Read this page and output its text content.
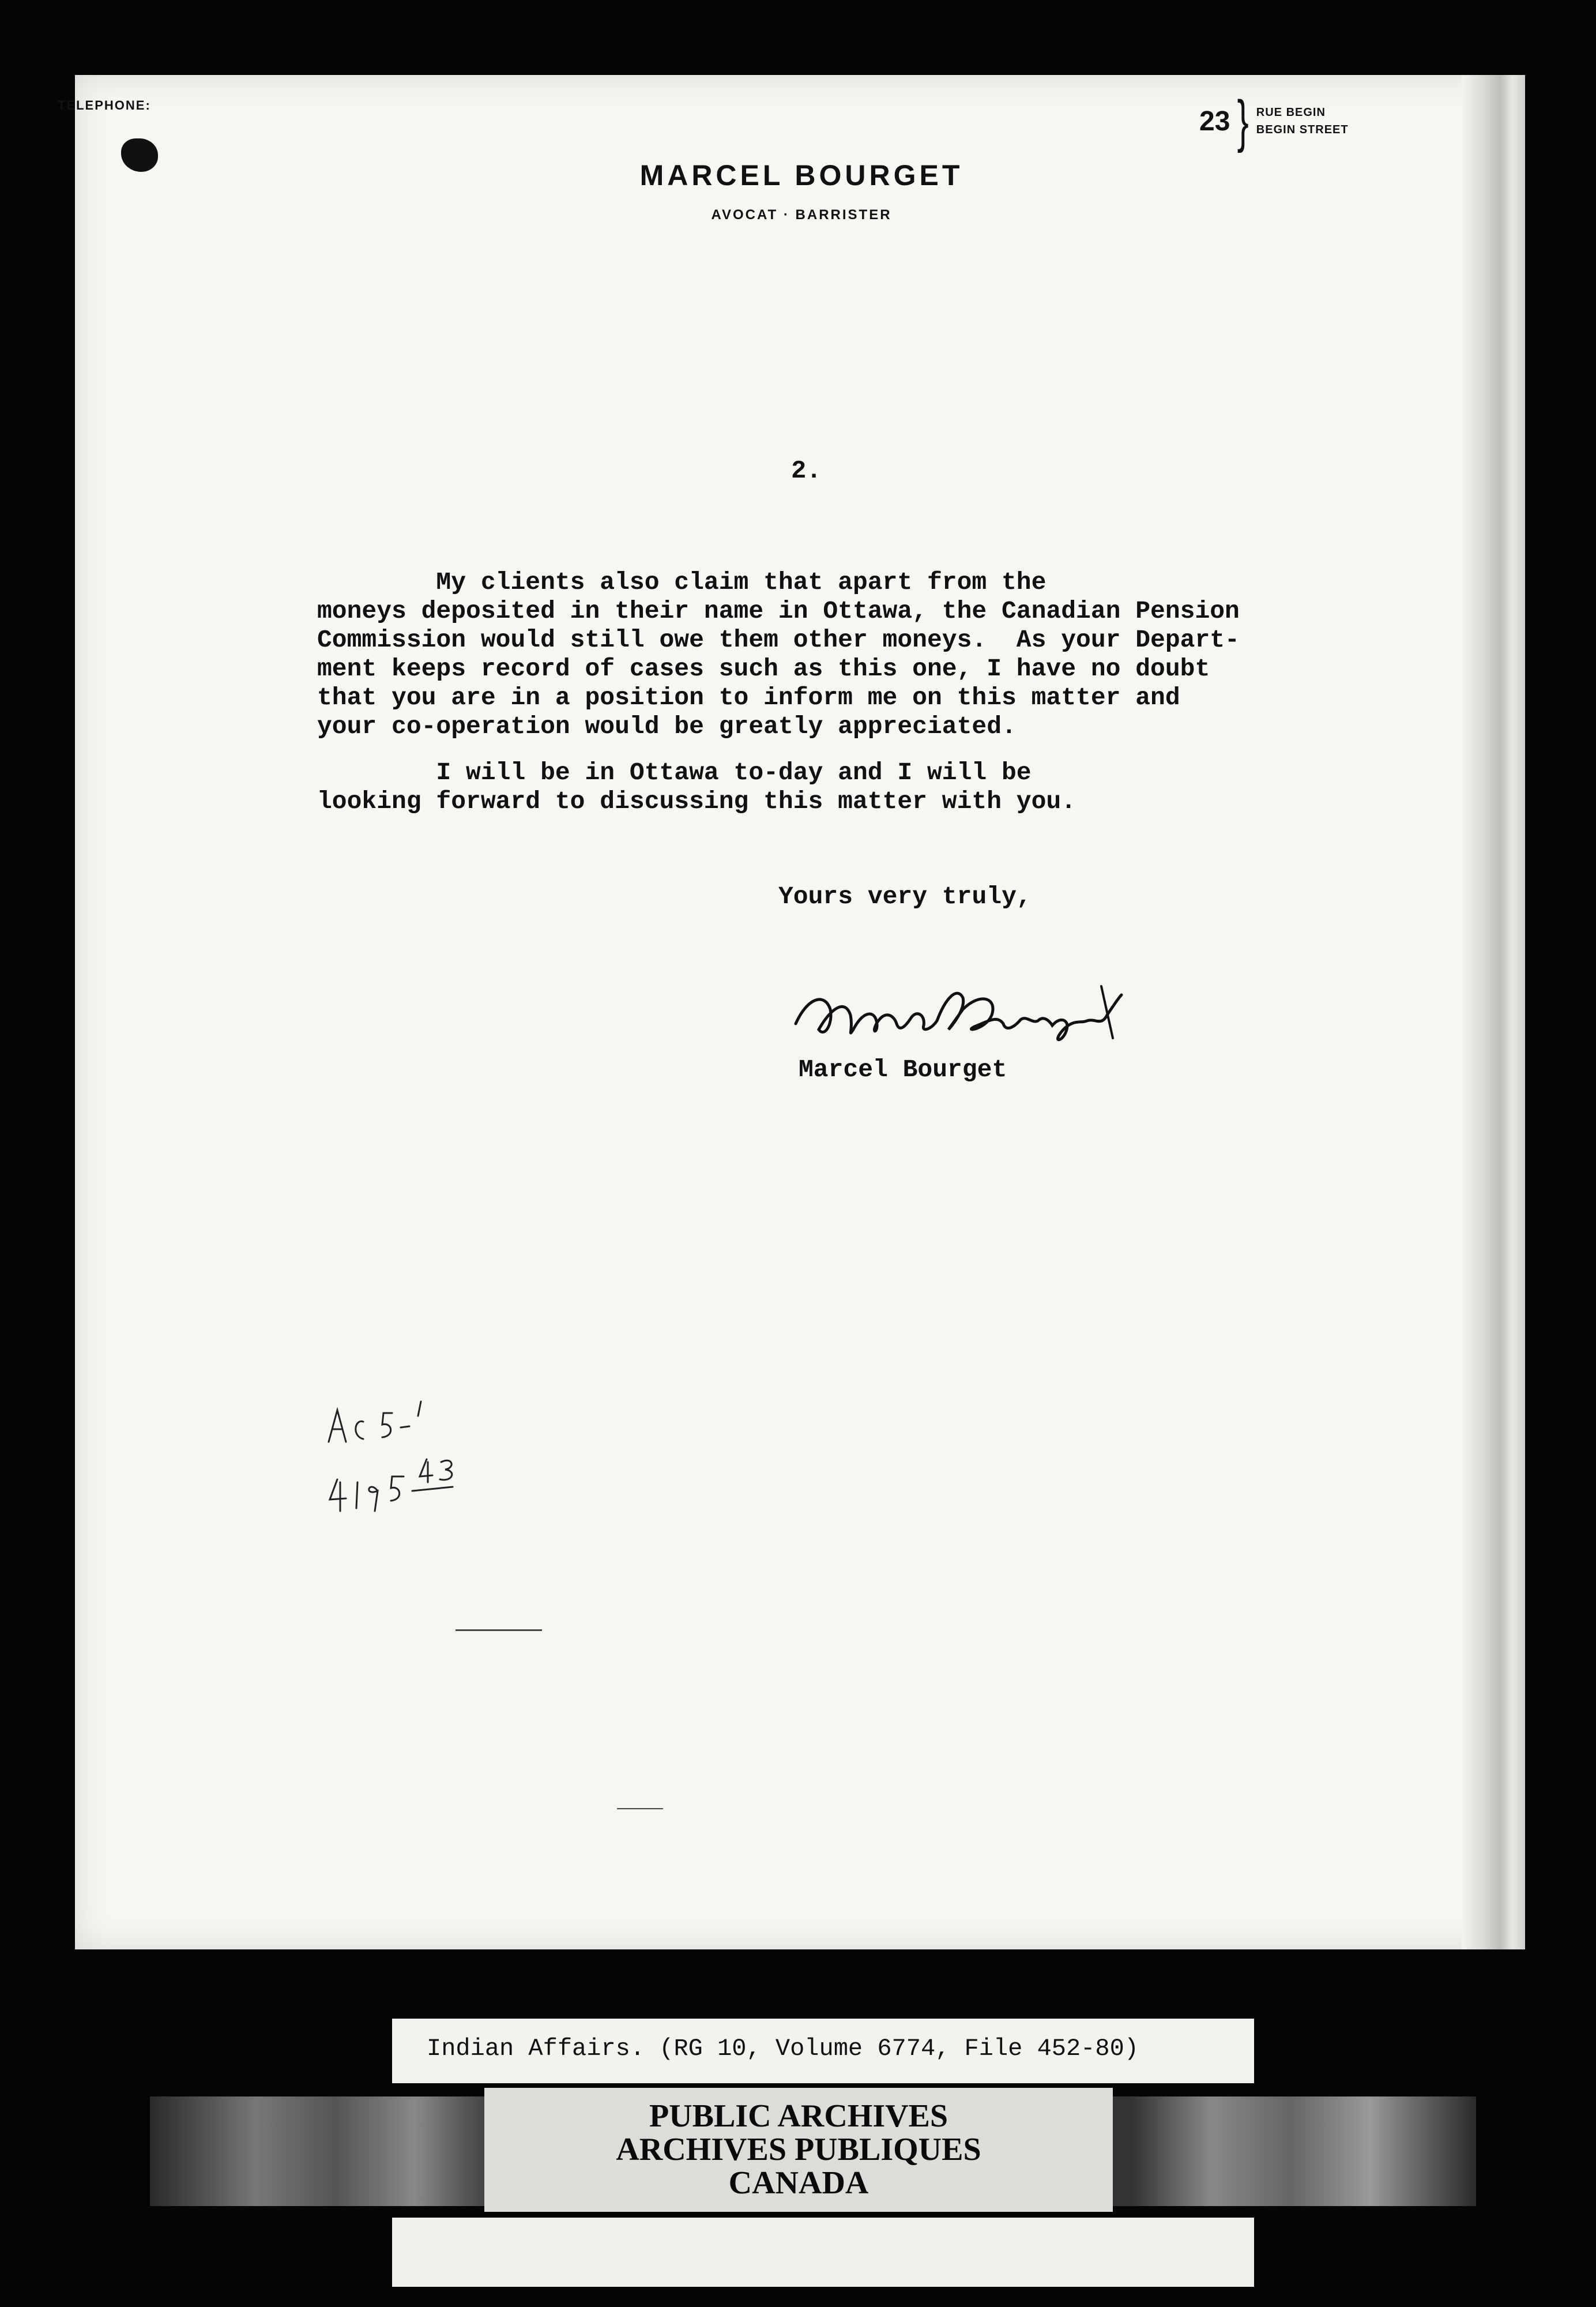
TELEPHONE:
23 } RUE BEGIN
BEGIN STREET
MARCEL BOURGET
AVOCAT · BARRISTER
2.

My clients also claim that apart from the

moneys deposited in their name in Ottawa, the Canadian Pension

Commission would still owe them other moneys.  As your Depart-

ment keeps record of cases such as this one, I have no doubt

that you are in a position to inform me on this matter and

your co-operation would be greatly appreciated.

I will be in Ottawa to-day and I will be

looking forward to discussing this matter with you.

Yours very truly,
Marcel Bourget
Indian Affairs. (RG 10, Volume 6774, File 452-80)
PUBLIC ARCHIVES
ARCHIVES PUBLIQUES
CANADA
